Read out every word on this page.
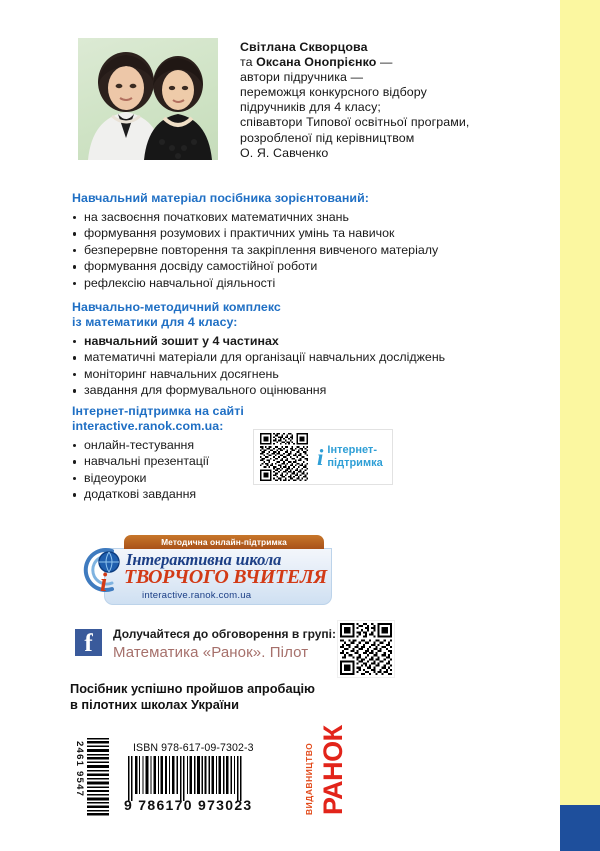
Світлана Скворцова
та Оксана Онопрієнко —
автори підручника —
переможця конкурсного відбору
підручників для 4 класу;
співавтори Типової освітньої програми,
розробленої під керівництвом
О. Я. Савченко
Навчальний матеріал посібника зорієнтований:
на засвоєння початкових математичних знань
формування розумових і практичних умінь та навичок
безперервне повторення та закріплення вивченого матеріалу
формування досвіду самостійної роботи
рефлексію навчальної діяльності
Навчально-методичний комплекс
із математики для 4 класу:
навчальний зошит у 4 частинах
математичні матеріали для організації навчальних досліджень
моніторинг навчальних досягнень
завдання для формувального оцінювання
Інтернет-підтримка на сайті
interactive.ranok.com.ua:
онлайн-тестування
навчальні презентації
відеоуроки
додаткові завдання
i Інтернет-
підтримка
Методична онлайн-підтримка
i
Інтерактивна школа
ТВОРЧОГО ВЧИТЕЛЯ
interactive.ranok.com.ua
f	Долучайтеся до обговорення в групі:
Математика «Ранок». Пілот
Посібник успішно пройшов апробацію
в пілотних школах України
ISBN 978-617-09-7302-3
9 786170 973023
2461 9547	ВИДАВНИЦТВО РАНОК
